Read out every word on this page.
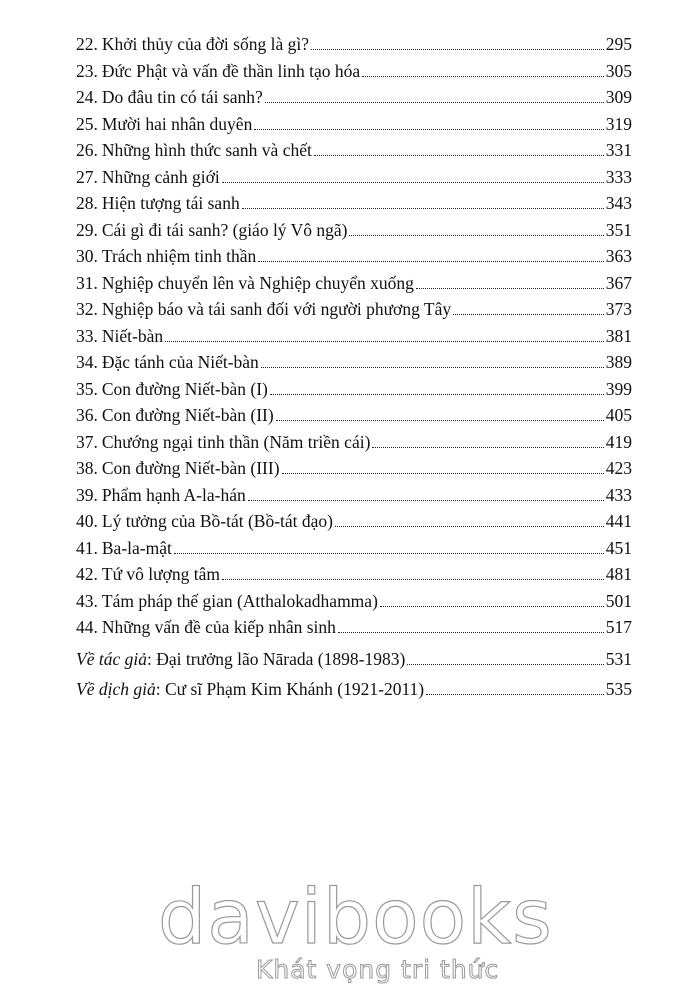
22. Khởi thủy của đời sống là gì?	295
23. Đức Phật và vấn đề thần linh tạo hóa	305
24. Do đâu tin có tái sanh?	309
25. Mười hai nhân duyên	319
26. Những hình thức sanh và chết	331
27. Những cảnh giới	333
28. Hiện tượng tái sanh	343
29. Cái gì đi tái sanh? (giáo lý Vô ngã)	351
30. Trách nhiệm tinh thần	363
31. Nghiệp chuyển lên và Nghiệp chuyển xuống	367
32. Nghiệp báo và tái sanh đối với người phương Tây	373
33. Niết-bàn	381
34. Đặc tánh của Niết-bàn	389
35. Con đường Niết-bàn (I)	399
36. Con đường Niết-bàn (II)	405
37. Chướng ngại tinh thần (Năm triền cái)	419
38. Con đường Niết-bàn (III)	423
39. Phẩm hạnh A-la-hán	433
40. Lý tưởng của Bồ-tát (Bồ-tát đạo)	441
41. Ba-la-mật	451
42. Tứ vô lượng tâm	481
43. Tám pháp thế gian (Atthalokadhamma)	501
44. Những vấn đề của kiếp nhân sinh	517
Về tác giả: Đại trưởng lão Nārada (1898-1983)	531
Về dịch giả: Cư sĩ Phạm Kim Khánh (1921-2011)	535
davibooks
Khát vọng tri thức
